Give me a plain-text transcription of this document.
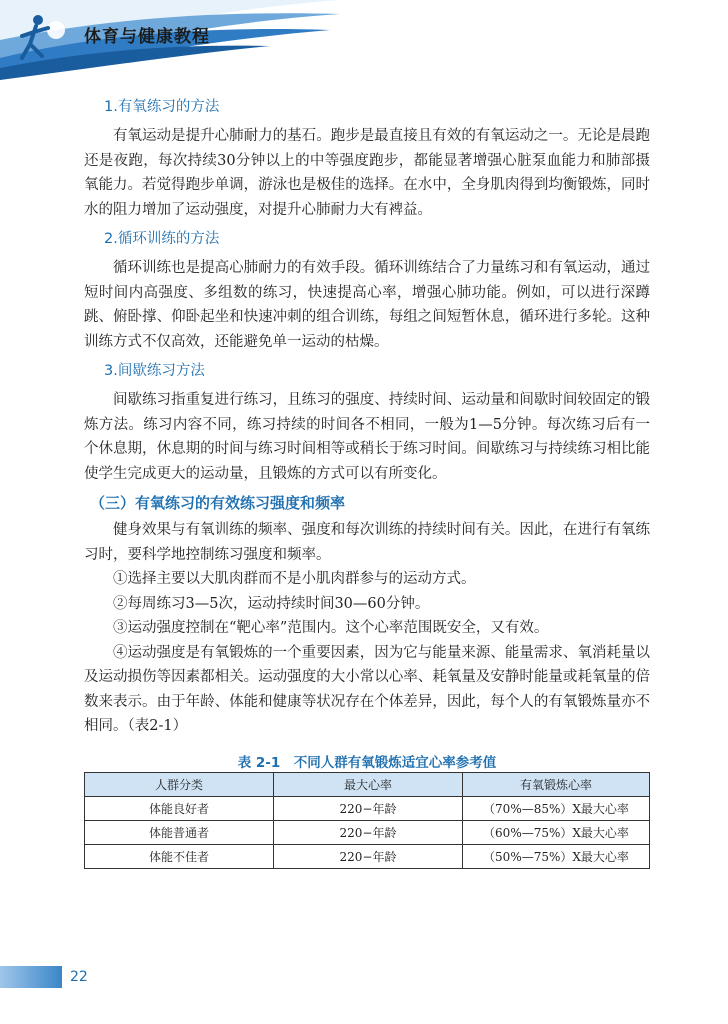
体育与健康教程
1.有氧练习的方法

有氧运动是提升心肺耐力的基石。跑步是最直接且有效的有氧运动之一。无论是晨跑还是夜跑，每次持续30分钟以上的中等强度跑步，都能显著增强心脏泵血能力和肺部摄氧能力。若觉得跑步单调，游泳也是极佳的选择。在水中，全身肌肉得到均衡锻炼，同时水的阻力增加了运动强度，对提升心肺耐力大有裨益。

2.循环训练的方法

循环训练也是提高心肺耐力的有效手段。循环训练结合了力量练习和有氧运动，通过短时间内高强度、多组数的练习，快速提高心率，增强心肺功能。例如，可以进行深蹲跳、俯卧撑、仰卧起坐和快速冲刺的组合训练，每组之间短暂休息，循环进行多轮。这种训练方式不仅高效，还能避免单一运动的枯燥。

3.间歇练习方法

间歇练习指重复进行练习，且练习的强度、持续时间、运动量和间歇时间较固定的锻炼方法。练习内容不同，练习持续的时间各不相同，一般为1—5分钟。每次练习后有一个休息期，休息期的时间与练习时间相等或稍长于练习时间。间歇练习与持续练习相比能使学生完成更大的运动量，且锻炼的方式可以有所变化。

（三）有氧练习的有效练习强度和频率

健身效果与有氧训练的频率、强度和每次训练的持续时间有关。因此，在进行有氧练习时，要科学地控制练习强度和频率。

①选择主要以大肌肉群而不是小肌肉群参与的运动方式。

②每周练习3—5次，运动持续时间30—60分钟。

③运动强度控制在“靶心率”范围内。这个心率范围既安全，又有效。

④运动强度是有氧锻炼的一个重要因素，因为它与能量来源、能量需求、氧消耗量以及运动损伤等因素都相关。运动强度的大小常以心率、耗氧量及安静时能量或耗氧量的倍数来表示。由于年龄、体能和健康等状况存在个体差异，因此，每个人的有氧锻炼量亦不相同。（表2-1）

表 2-1　不同人群有氧锻炼适宜心率参考值
人群分类	最大心率	有氧锻炼心率
体能良好者	220−年龄	（70%—85%）X最大心率
体能普通者	220−年龄	（60%—75%）X最大心率
体能不佳者	220−年龄	（50%—75%）X最大心率
22
